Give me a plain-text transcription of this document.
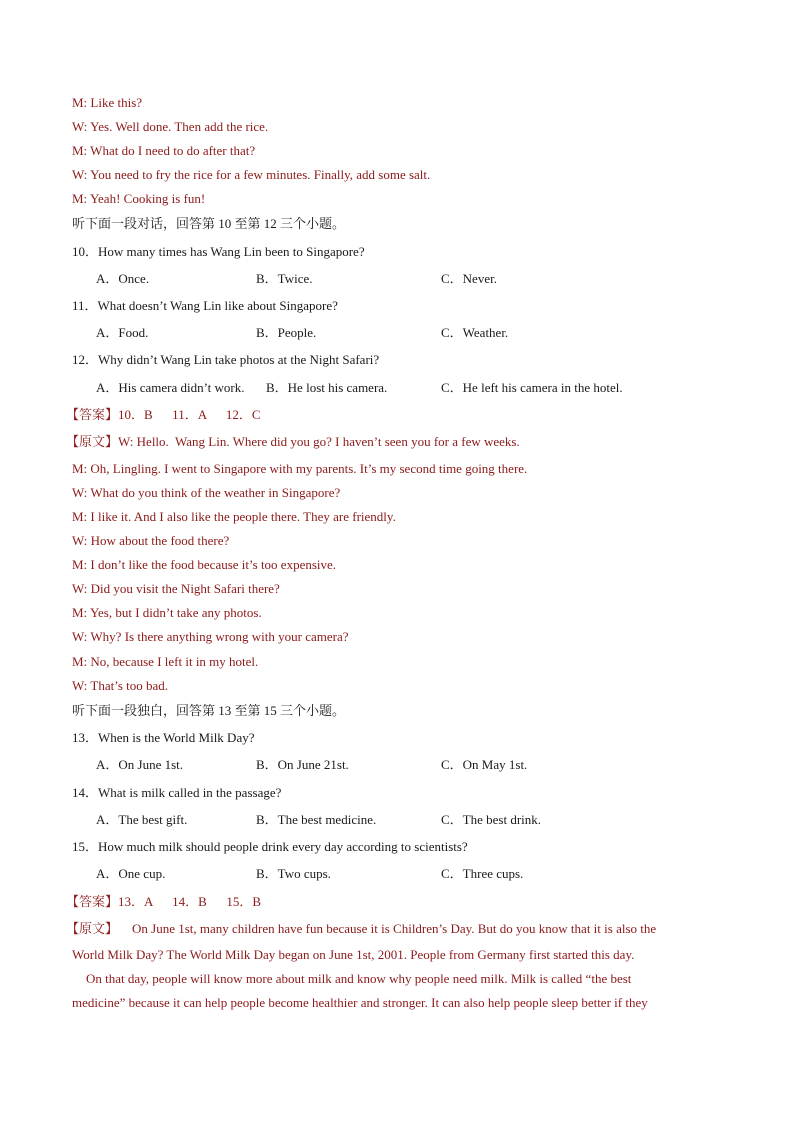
M: Like this?
W: Yes. Well done. Then add the rice.
M: What do I need to do after that?
W: You need to fry the rice for a few minutes. Finally, add some salt.
M: Yeah! Cooking is fun!
听下面一段对话，回答第 10 至第 12 三个小题。
10．How many times has Wang Lin been to Singapore?
A．Once.	B．Twice.	C．Never.
11．What doesn’t Wang Lin like about Singapore?
A．Food.	B．People.	C．Weather.
12．Why didn’t Wang Lin take photos at the Night Safari?
A．His camera didn’t work. B．He lost his camera.	C．He left his camera in the hotel.
【答案】10．B      11．A      12．C
【原文】W: Hello.  Wang Lin. Where did you go? I haven’t seen you for a few weeks.
M: Oh, Lingling. I went to Singapore with my parents. It’s my second time going there.
W: What do you think of the weather in Singapore?
M: I like it. And I also like the people there. They are friendly.
W: How about the food there?
M: I don’t like the food because it’s too expensive.
W: Did you visit the Night Safari there?
M: Yes, but I didn’t take any photos.
W: Why? Is there anything wrong with your camera?
M: No, because I left it in my hotel.
W: That’s too bad.
听下面一段独白，回答第 13 至第 15 三个小题。
13．When is the World Milk Day?
A．On June 1st.	B．On June 21st.	C．On May 1st.
14．What is milk called in the passage?
A．The best gift.	B．The best medicine.	C．The best drink.
15．How much milk should people drink every day according to scientists?
A．One cup.	B．Two cups.	C．Three cups.
【答案】13．A      14．B      15．B
【原文】 On June 1st, many children have fun because it is Children’s Day. But do you know that it is also the
World Milk Day? The World Milk Day began on June 1st, 2001. People from Germany first started this day.
On that day, people will know more about milk and know why people need milk. Milk is called “the best
medicine” because it can help people become healthier and stronger. It can also help people sleep better if they
